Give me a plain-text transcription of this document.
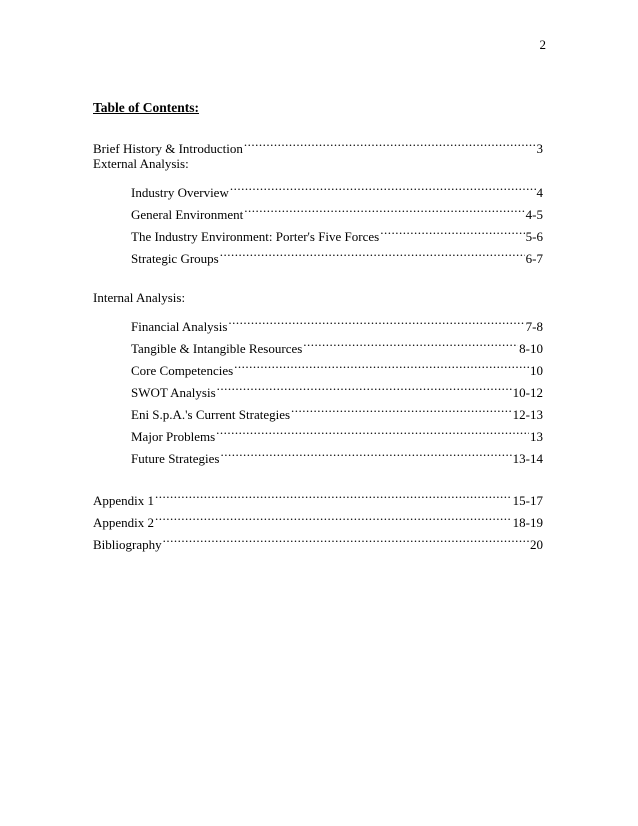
2
Table of Contents:
Brief History & Introduction .....	3
External Analysis:
Industry Overview .....	4
General Environment .....	4-5
The Industry Environment: Porter's Five Forces .....	5-6
Strategic Groups .....	6-7
Internal Analysis:
Financial Analysis .....	7-8
Tangible & Intangible Resources .....	8-10
Core Competencies .....	10
SWOT Analysis .....	10-12
Eni S.p.A.'s Current Strategies .....	12-13
Major Problems .....	13
Future Strategies .....	13-14
Appendix 1 .....	15-17
Appendix 2 .....	18-19
Bibliography .....	20
